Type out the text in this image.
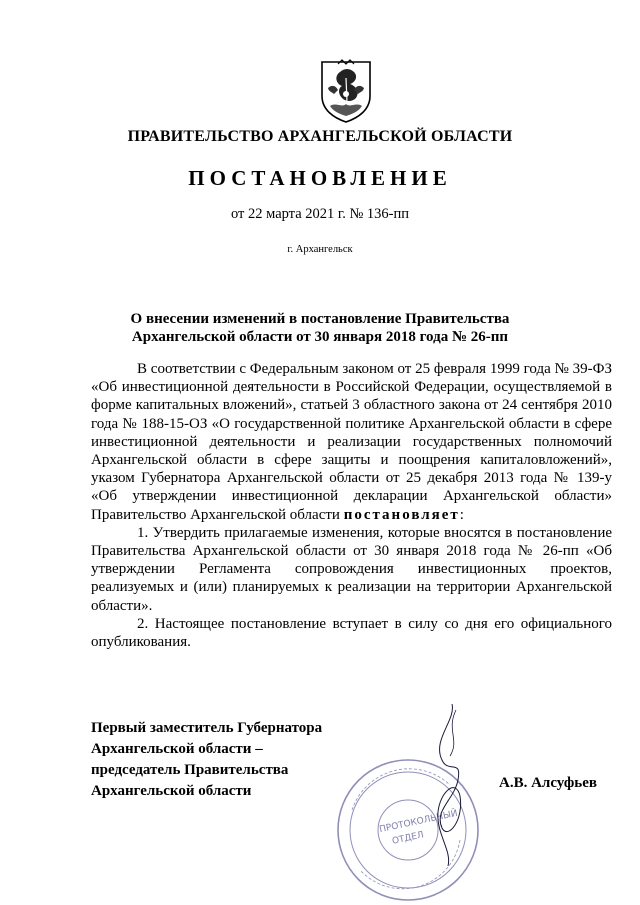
ПРАВИТЕЛЬСТВО АРХАНГЕЛЬСКОЙ ОБЛАСТИ
ПОСТАНОВЛЕНИЕ
от 22 марта 2021 г. № 136-пп
г. Архангельск
О внесении изменений в постановление Правительства
Архангельской области от 30 января 2018 года № 26-пп

В соответствии с Федеральным законом от 25 февраля 1999 года № 39-ФЗ «Об инвестиционной деятельности в Российской Федерации, осуществляемой в форме капитальных вложений», статьей 3 областного закона от 24 сентября 2010 года № 188-15-ОЗ «О государственной политике Архангельской области в сфере инвестиционной деятельности и реализации государственных полномочий Архангельской области в сфере защиты и поощрения капиталовложений», указом Губернатора Архангельской области от 25 декабря 2013 года № 139-у «Об утверждении инвестиционной декларации Архангельской области» Правительство Архангельской области постановляет:

1. Утвердить прилагаемые изменения, которые вносятся в постановление Правительства Архангельской области от 30 января 2018 года № 26-пп «Об утверждении Регламента сопровождения инвестиционных проектов, реализуемых и (или) планируемых к реализации на территории Архангельской области».

2. Настоящее постановление вступает в силу со дня его официального опубликования.

ПРОТОКОЛЬНЫЙ
ОТДЕЛ
Первый заместитель Губернатора
Архангельской области –
председатель Правительства
Архангельской области	А.В. Алсуфьев
